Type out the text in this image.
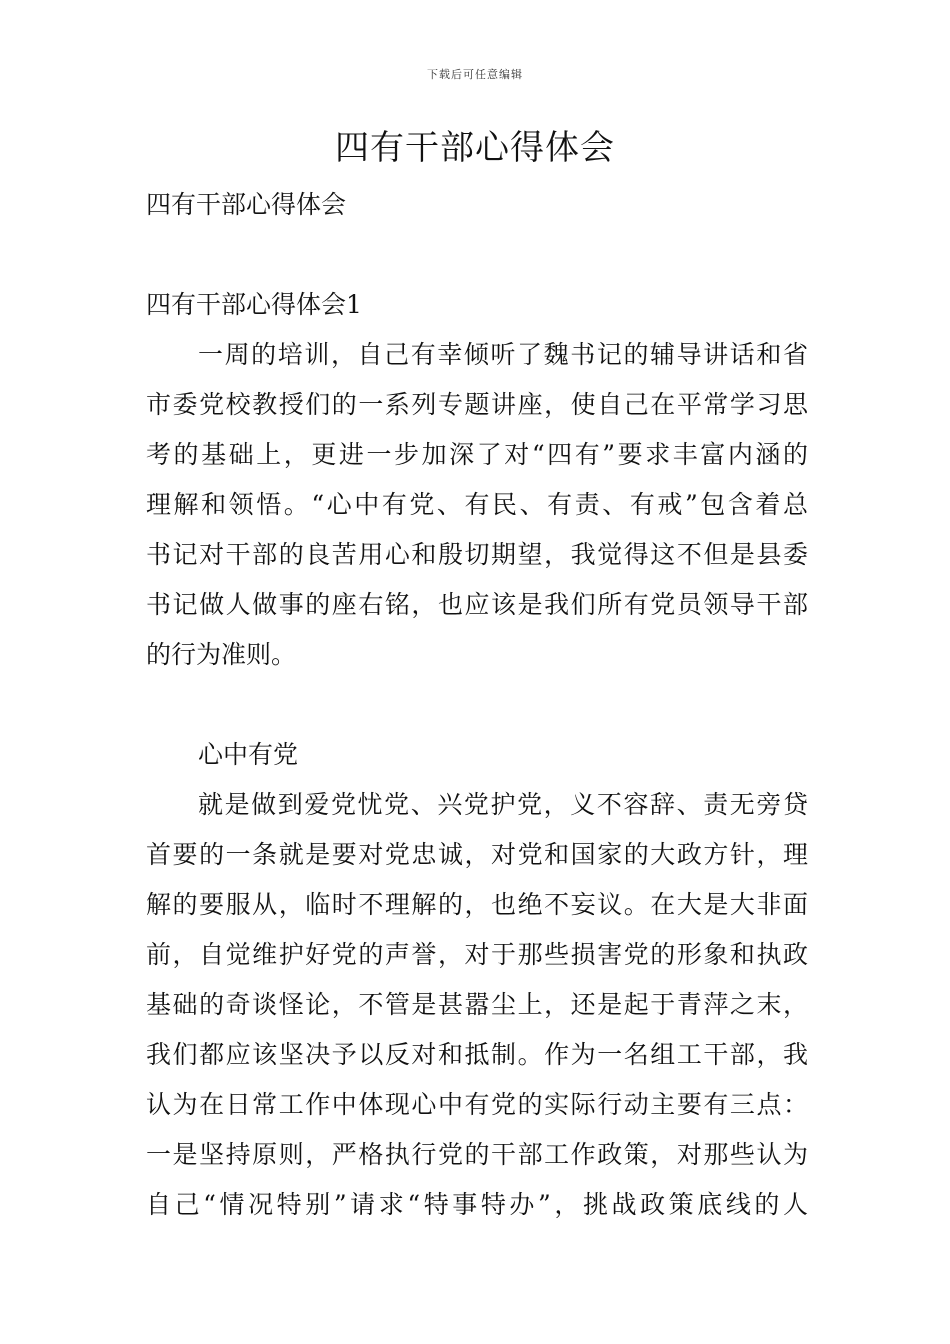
下载后可任意编辑
四有干部心得体会
四有干部心得体会
四有干部心得体会1
一周的培训，自己有幸倾听了魏书记的辅导讲话和省
市委党校教授们的一系列专题讲座，使自己在平常学习思
考的基础上，更进一步加深了对“四有”要求丰富内涵的
理解和领悟。“心中有党、有民、有责、有戒”包含着总
书记对干部的良苦用心和殷切期望，我觉得这不但是县委
书记做人做事的座右铭，也应该是我们所有党员领导干部
的行为准则。
心中有党
就是做到爱党忧党、兴党护党，义不容辞、责无旁贷
首要的一条就是要对党忠诚，对党和国家的大政方针，理
解的要服从，临时不理解的，也绝不妄议。在大是大非面
前，自觉维护好党的声誉，对于那些损害党的形象和执政
基础的奇谈怪论，不管是甚嚣尘上，还是起于青萍之末，
我们都应该坚决予以反对和抵制。作为一名组工干部，我
认为在日常工作中体现心中有党的实际行动主要有三点：
一是坚持原则，严格执行党的干部工作政策，对那些认为
自己“情况特别”请求“特事特办”，挑战政策底线的人
